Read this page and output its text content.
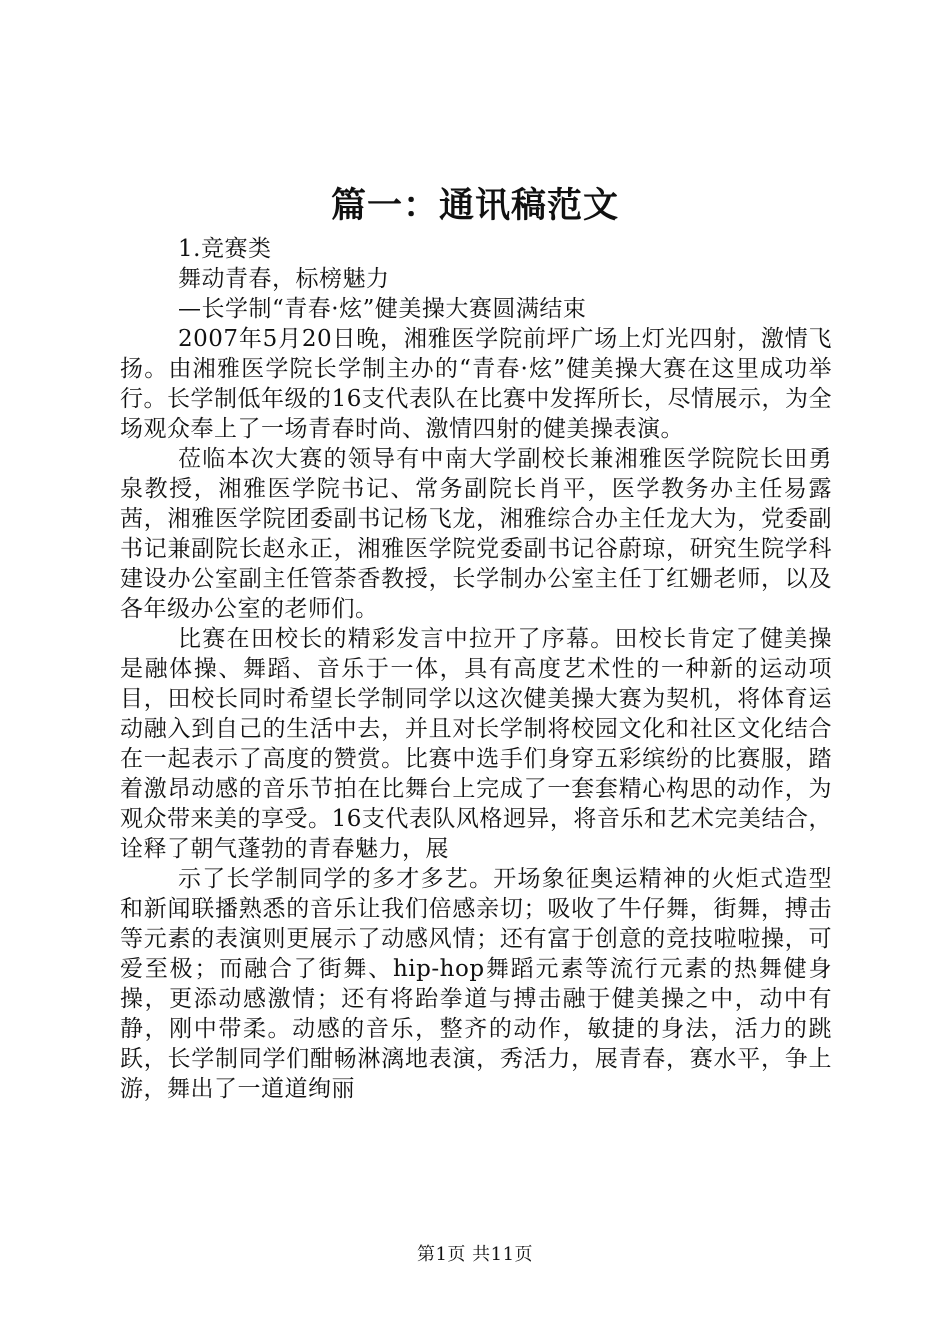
篇一：通讯稿范文

1.竞赛类

舞动青春，标榜魅力

—长学制“青春·炫”健美操大赛圆满结束

2007年5月20日晚，湘雅医学院前坪广场上灯光四射，激情飞扬。由湘雅医学院长学制主办的“青春·炫”健美操大赛在这里成功举行。长学制低年级的16支代表队在比赛中发挥所长，尽情展示，为全场观众奉上了一场青春时尚、激情四射的健美操表演。

莅临本次大赛的领导有中南大学副校长兼湘雅医学院院长田勇泉教授，湘雅医学院书记、常务副院长肖平，医学教务办主任易露茜，湘雅医学院团委副书记杨飞龙，湘雅综合办主任龙大为，党委副书记兼副院长赵永正，湘雅医学院党委副书记谷蔚琼，研究生院学科建设办公室副主任管荼香教授，长学制办公室主任丁红姗老师，以及各年级办公室的老师们。

比赛在田校长的精彩发言中拉开了序幕。田校长肯定了健美操是融体操、舞蹈、音乐于一体，具有高度艺术性的一种新的运动项目，田校长同时希望长学制同学以这次健美操大赛为契机，将体育运动融入到自己的生活中去，并且对长学制将校园文化和社区文化结合在一起表示了高度的赞赏。比赛中选手们身穿五彩缤纷的比赛服，踏着激昂动感的音乐节拍在比舞台上完成了一套套精心构思的动作，为观众带来美的享受。16支代表队风格迥异，将音乐和艺术完美结合，诠释了朝气蓬勃的青春魅力，展

示了长学制同学的多才多艺。开场象征奥运精神的火炬式造型和新闻联播熟悉的音乐让我们倍感亲切；吸收了牛仔舞，街舞，搏击等元素的表演则更展示了动感风情；还有富于创意的竞技啦啦操，可爱至极；而融合了街舞、hip-hop舞蹈元素等流行元素的热舞健身操，更添动感激情；还有将跆拳道与搏击融于健美操之中，动中有静，刚中带柔。动感的音乐，整齐的动作，敏捷的身法，活力的跳跃，长学制同学们酣畅淋漓地表演，秀活力，展青春，赛水平，争上游，舞出了一道道绚丽

第1页 共11页
